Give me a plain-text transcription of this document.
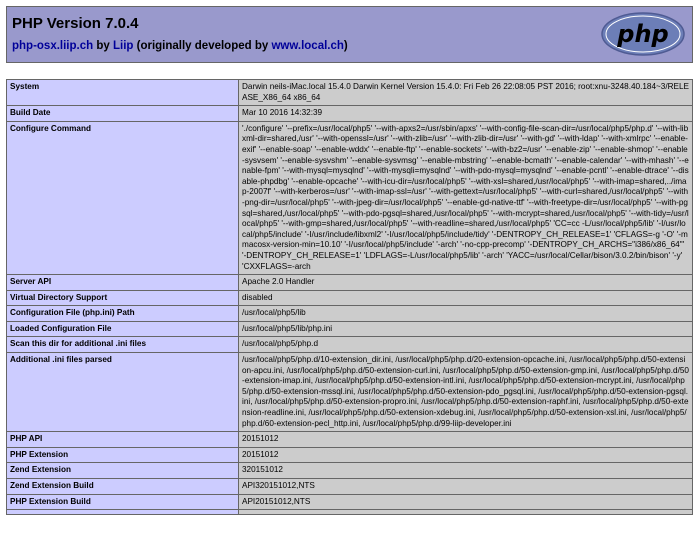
PHP Version 7.0.4
php-osx.liip.ch by Liip (originally developed by www.local.ch)	php
System	Darwin neils-iMac.local 15.4.0 Darwin Kernel Version 15.4.0: Fri Feb 26 22:08:05 PST 2016; root:xnu-3248.40.184~3/RELEASE_X86_64 x86_64
Build Date	Mar 10 2016 14:32:39
Configure Command	'./configure' '--prefix=/usr/local/php5' '--with-apxs2=/usr/sbin/apxs' '--with-config-file-scan-dir=/usr/local/php5/php.d' '--with-libxml-dir=shared,/usr' '--with-openssl=/usr' '--with-zlib=/usr' '--with-zlib-dir=/usr' '--with-gd' '--with-ldap' '--with-xmlrpc' '--enable-exif' '--enable-soap' '--enable-wddx' '--enable-ftp' '--enable-sockets' '--with-bz2=/usr' '--enable-zip' '--enable-shmop' '--enable-sysvsem' '--enable-sysvshm' '--enable-sysvmsg' '--enable-mbstring' '--enable-bcmath' '--enable-calendar' '--with-mhash' '--enable-fpm' '--with-mysql=mysqlnd' '--with-mysqli=mysqlnd' '--with-pdo-mysql=mysqlnd' '--enable-pcntl' '--enable-dtrace' '--disable-phpdbg' '--enable-opcache' '--with-icu-dir=/usr/local/php5' '--with-xsl=shared,/usr/local/php5' '--with-imap=shared,../imap-2007f' '--with-kerberos=/usr' '--with-imap-ssl=/usr' '--with-gettext=/usr/local/php5' '--with-curl=shared,/usr/local/php5' '--with-png-dir=/usr/local/php5' '--with-jpeg-dir=/usr/local/php5' '--enable-gd-native-ttf' '--with-freetype-dir=/usr/local/php5' '--with-pgsql=shared,/usr/local/php5' '--with-pdo-pgsql=shared,/usr/local/php5' '--with-mcrypt=shared,/usr/local/php5' '--with-tidy=/usr/local/php5' '--with-gmp=shared,/usr/local/php5' '--with-readline=shared,/usr/local/php5' 'CC=cc -L/usr/local/php5/lib' '-I/usr/local/php5/include' '-I/usr/include/libxml2' '-I/usr/local/php5/include/tidy' '-DENTROPY_CH_RELEASE=1' 'CFLAGS=-g '-O' '-mmacosx-version-min=10.10' '-I/usr/local/php5/include' '-arch' '-no-cpp-precomp' '-DENTROPY_CH_ARCHS="i386/x86_64"' '-DENTROPY_CH_RELEASE=1' 'LDFLAGS=-L/usr/local/php5/lib' '-arch' 'YACC=/usr/local/Cellar/bison/3.0.2/bin/bison' '-y' 'CXXFLAGS=-arch
Server API	Apache 2.0 Handler
Virtual Directory Support	disabled
Configuration File (php.ini) Path	/usr/local/php5/lib
Loaded Configuration File	/usr/local/php5/lib/php.ini
Scan this dir for additional .ini files	/usr/local/php5/php.d
Additional .ini files parsed	/usr/local/php5/php.d/10-extension_dir.ini, /usr/local/php5/php.d/20-extension-opcache.ini, /usr/local/php5/php.d/50-extension-apcu.ini, /usr/local/php5/php.d/50-extension-curl.ini, /usr/local/php5/php.d/50-extension-gmp.ini, /usr/local/php5/php.d/50-extension-imap.ini, /usr/local/php5/php.d/50-extension-intl.ini, /usr/local/php5/php.d/50-extension-mcrypt.ini, /usr/local/php5/php.d/50-extension-mssql.ini, /usr/local/php5/php.d/50-extension-pdo_pgsql.ini, /usr/local/php5/php.d/50-extension-pgsql.ini, /usr/local/php5/php.d/50-extension-propro.ini, /usr/local/php5/php.d/50-extension-raphf.ini, /usr/local/php5/php.d/50-extension-readline.ini, /usr/local/php5/php.d/50-extension-xdebug.ini, /usr/local/php5/php.d/50-extension-xsl.ini, /usr/local/php5/php.d/60-extension-pecl_http.ini, /usr/local/php5/php.d/99-liip-developer.ini
PHP API	20151012
PHP Extension	20151012
Zend Extension	320151012
Zend Extension Build	API320151012,NTS
PHP Extension Build	API20151012,NTS
